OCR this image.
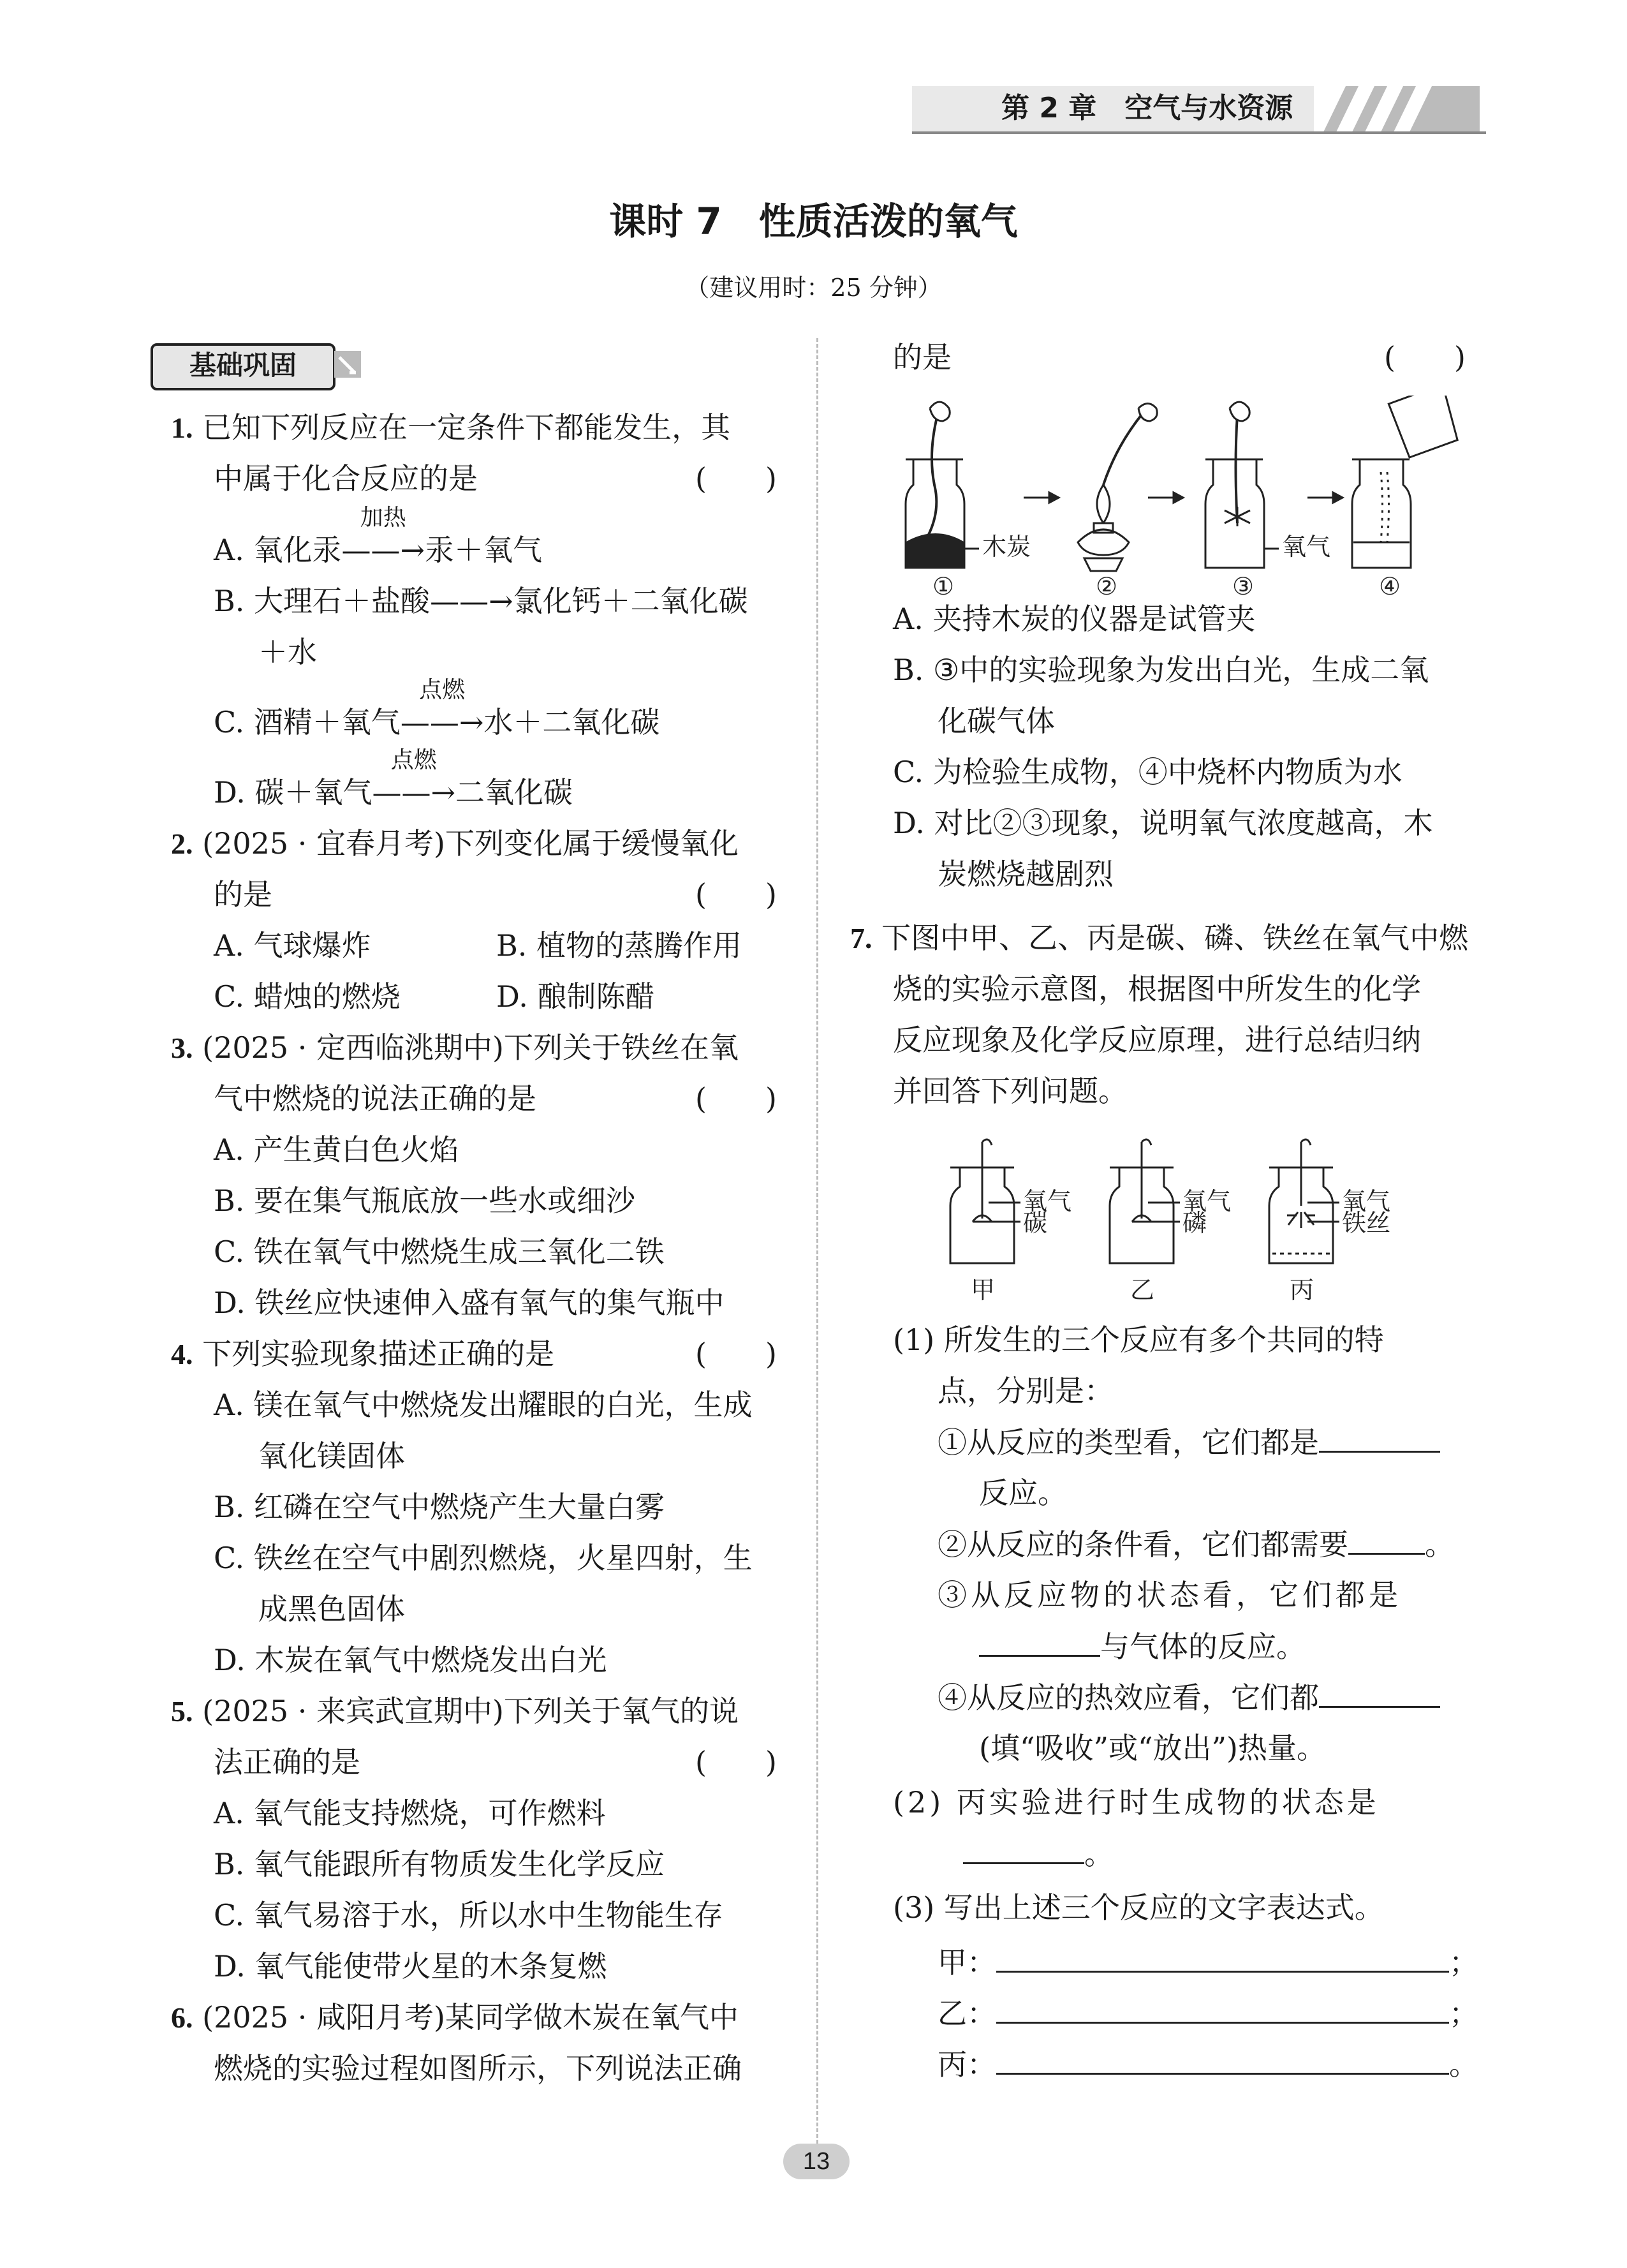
第 2 章　 空气与水资源
课时 7　性质活泼的氧气
（建议用时：25 分钟）
基础巩固
1. 已知下列反应在一定条件下都能发生，其
中属于化合反应的是	(　　)
A. 氧化汞
加热
——→汞＋氧气
B. 大理石＋盐酸——→氯化钙＋二氧化碳
＋水
C. 酒精＋氧气
点燃
——→水＋二氧化碳
D. 碳＋氧气
点燃
——→二氧化碳
2. (2025 · 宜春月考)下列变化属于缓慢氧化
的是	(　　)
A. 气球爆炸	B. 植物的蒸腾作用
C. 蜡烛的燃烧	D. 酿制陈醋
3. (2025 · 定西临洮期中)下列关于铁丝在氧
气中燃烧的说法正确的是	(　　)
A. 产生黄白色火焰
B. 要在集气瓶底放一些水或细沙
C. 铁在氧气中燃烧生成三氧化二铁
D. 铁丝应快速伸入盛有氧气的集气瓶中
4. 下列实验现象描述正确的是	(　　)
A. 镁在氧气中燃烧发出耀眼的白光，生成
氧化镁固体
B. 红磷在空气中燃烧产生大量白雾
C. 铁丝在空气中剧烈燃烧，火星四射，生
成黑色固体
D. 木炭在氧气中燃烧发出白光
5. (2025 · 来宾武宣期中)下列关于氧气的说
法正确的是	(　　)
A. 氧气能支持燃烧，可作燃料
B. 氧气能跟所有物质发生化学反应
C. 氧气易溶于水，所以水中生物能生存
D. 氧气能使带火星的木条复燃
6. (2025 · 咸阳月考)某同学做木炭在氧气中
燃烧的实验过程如图所示，下列说法正确
的是	(　　)
木炭	氧气
①	②	③	④
A. 夹持木炭的仪器是试管夹
B. ③中的实验现象为发出白光，生成二氧
化碳气体
C. 为检验生成物，④中烧杯内物质为水
D. 对比②③现象，说明氧气浓度越高，木
炭燃烧越剧烈
7. 下图中甲、乙、丙是碳、磷、铁丝在氧气中燃
烧的实验示意图，根据图中所发生的化学
反应现象及化学反应原理，进行总结归纳
并回答下列问题。
氧气
碳
氧气
磷
氧气
铁丝
甲	乙	丙
(1) 所发生的三个反应有多个共同的特
点，分别是：
①从反应的类型看，它们都是
反应。
②从反应的条件看，它们都需要	。
③从反应物的状态看，它们都是
与气体的反应。
④从反应的热效应看，它们都
(填“吸收”或“放出”)热量。
(2) 丙实验进行时生成物的状态是
。
(3) 写出上述三个反应的文字表达式。
甲：	；
乙：	；
丙：	。
13
